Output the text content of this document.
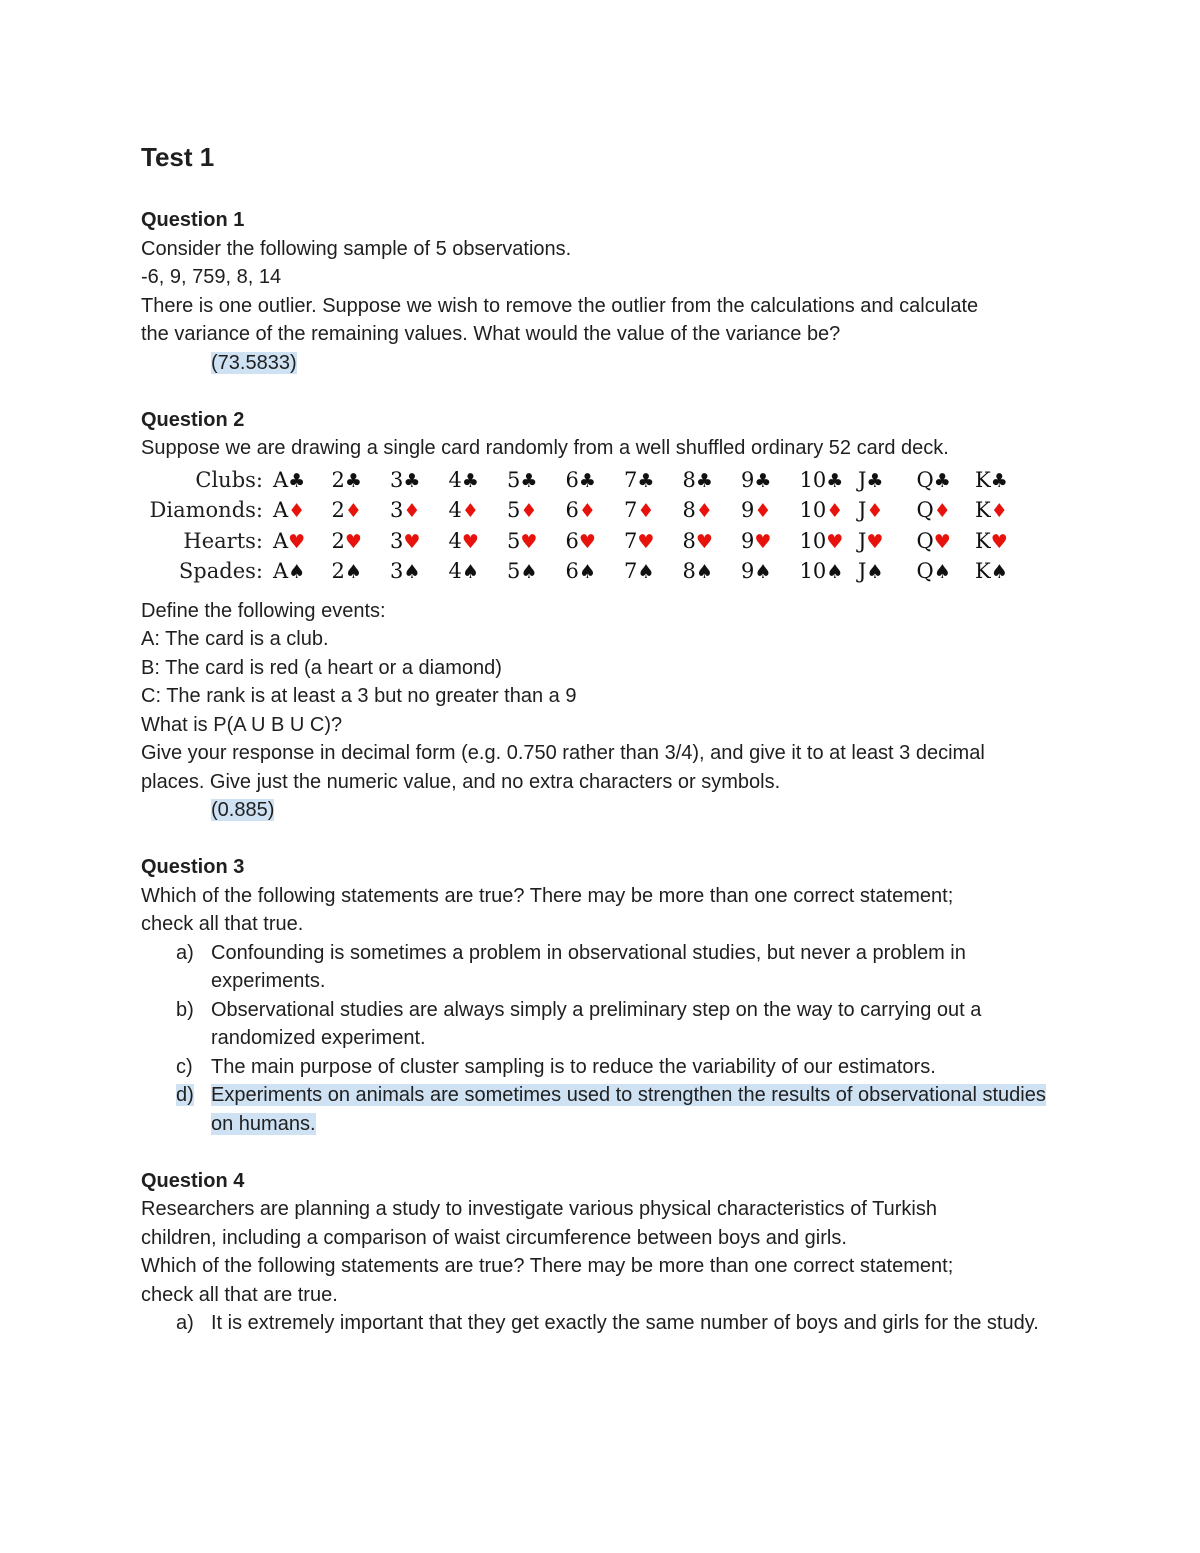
Test 1
Question 1
Consider the following sample of 5 observations.
-6, 9, 759, 8, 14
There is one outlier. Suppose we wish to remove the outlier from the calculations and calculate
the variance of the remaining values. What would the value of the variance be?
(73.5833)
Question 2
Suppose we are drawing a single card randomly from a well shuffled ordinary 52 card deck.
Clubs: A♣ 2♣ 3♣ 4♣ 5♣ 6♣ 7♣ 8♣ 9♣ 10♣ J♣ Q♣ K♣
Diamonds: A♦ 2♦ 3♦ 4♦ 5♦ 6♦ 7♦ 8♦ 9♦ 10♦ J♦ Q♦ K♦
Hearts: A♥ 2♥ 3♥ 4♥ 5♥ 6♥ 7♥ 8♥ 9♥ 10♥ J♥ Q♥ K♥
Spades: A♠ 2♠ 3♠ 4♠ 5♠ 6♠ 7♠ 8♠ 9♠ 10♠ J♠ Q♠ K♠
Define the following events:
A: The card is a club.
B: The card is red (a heart or a diamond)
C: The rank is at least a 3 but no greater than a 9
What is P(A U B U C)?
Give your response in decimal form (e.g. 0.750 rather than 3/4), and give it to at least 3 decimal
places. Give just the numeric value, and no extra characters or symbols.
(0.885)
Question 3
Which of the following statements are true? There may be more than one correct statement;
check all that true.
a) Confounding is sometimes a problem in observational studies, but never a problem in experiments.
b) Observational studies are always simply a preliminary step on the way to carrying out a randomized experiment.
c) The main purpose of cluster sampling is to reduce the variability of our estimators.
d) Experiments on animals are sometimes used to strengthen the results of observational studies on humans.
Question 4
Researchers are planning a study to investigate various physical characteristics of Turkish
children, including a comparison of waist circumference between boys and girls.
Which of the following statements are true? There may be more than one correct statement;
check all that are true.
a) It is extremely important that they get exactly the same number of boys and girls for the study.
